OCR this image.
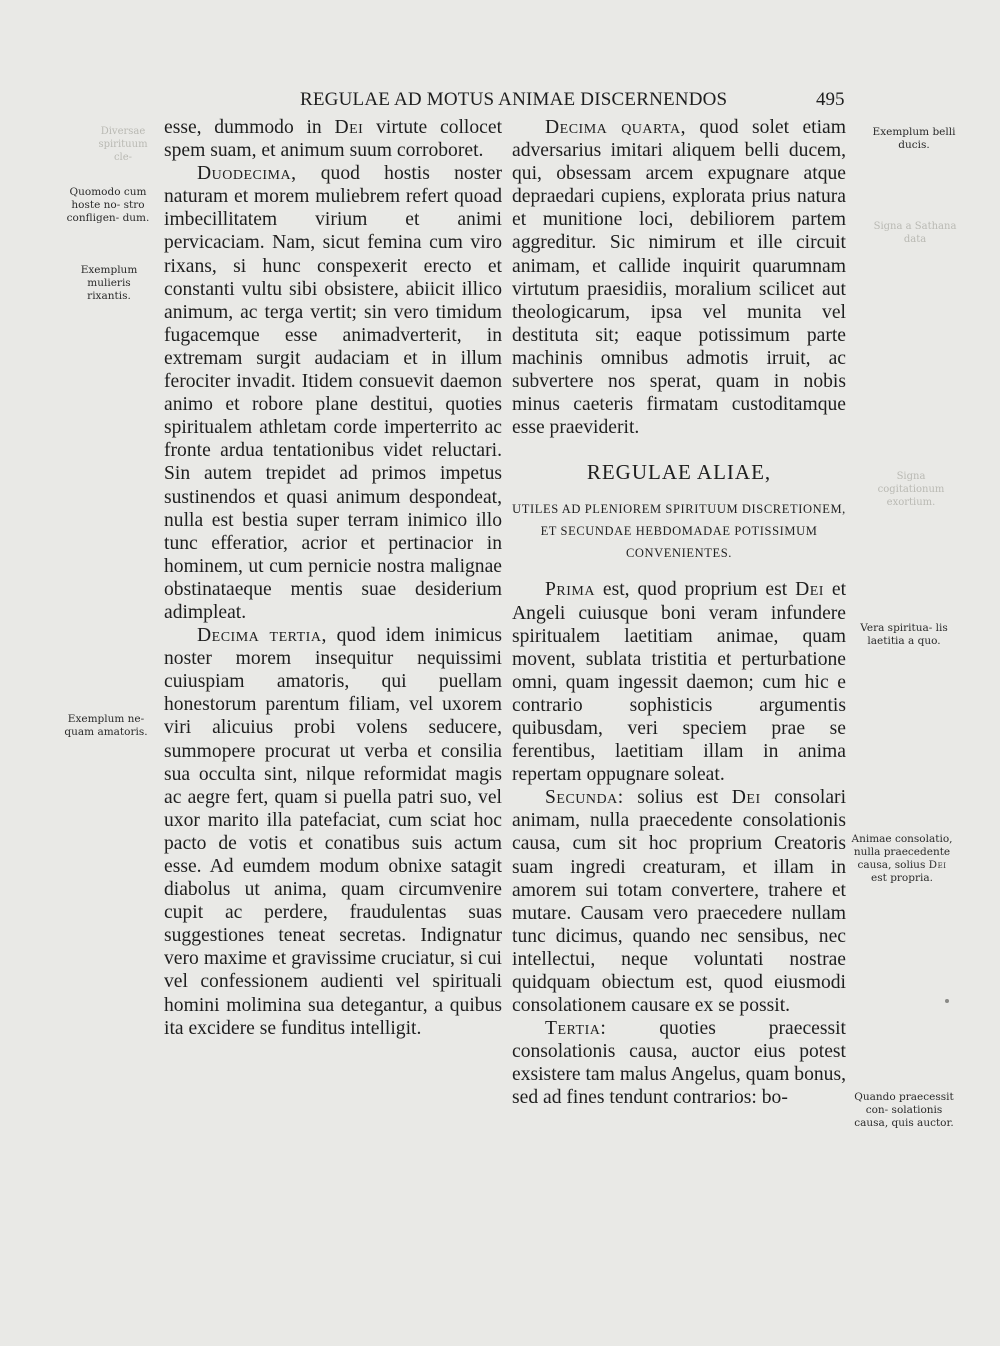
REGULAE AD MOTUS ANIMAE DISCERNENDOS	495
Diversae spirituum cle-
Signa a Sathana data
Signa cogitationum exortium.
Quomodo cum hoste no- stro confligen- dum.
Exemplum mulieris rixantis.
Exemplum ne- quam amatoris.
Exemplum belli ducis.
Vera spiritua- lis laetitia a quo.
Animae consolatio, nulla praecedente causa, solius Dei est propria.
Quando praecessit con- solationis causa, quis auctor.

esse, dummodo in Dei virtute collocet spem suam, et animum suum corroboret.

Duodecima, quod hostis noster naturam et morem muliebrem refert quoad imbecillitatem virium et animi pervicaciam. Nam, sicut femina cum viro rixans, si hunc conspexerit erecto et constanti vultu sibi obsistere, abiicit illico animum, ac terga vertit; sin vero timidum fugacemque esse animadverterit, in extremam surgit audaciam et in illum ferociter invadit. Itidem consuevit daemon animo et robore plane destitui, quoties spiritualem athletam corde imperterrito ac fronte ardua tentationibus videt reluctari. Sin autem trepidet ad primos impetus sustinendos et quasi animum despondeat, nulla est bestia super terram inimico illo tunc efferatior, acrior et pertinacior in hominem, ut cum pernicie nostra malignae obstinataeque mentis suae desiderium adimpleat.

Decima tertia, quod idem inimicus noster morem insequitur nequissimi cuiuspiam amatoris, qui puellam honestorum parentum filiam, vel uxorem viri alicuius probi volens seducere, summopere procurat ut verba et consilia sua occulta sint, nilque reformidat magis ac aegre fert, quam si puella patri suo, vel uxor marito illa patefaciat, cum sciat hoc pacto de votis et conatibus suis actum esse. Ad eumdem modum obnixe satagit diabolus ut anima, quam circumvenire cupit ac perdere, fraudulentas suas suggestiones teneat secretas. Indignatur vero maxime et gravissime cruciatur, si cui vel confessionem audienti vel spirituali homini molimina sua detegantur, a quibus ita excidere se funditus intelligit.

Decima quarta, quod solet etiam adversarius imitari aliquem belli ducem, qui, obsessam arcem expugnare atque depraedari cupiens, explorata prius natura et munitione loci, debiliorem partem aggreditur. Sic nimirum et ille circuit animam, et callide inquirit quarumnam virtutum praesidiis, moralium scilicet aut theologicarum, ipsa vel munita vel destituta sit; eaque potissimum parte machinis omnibus admotis irruit, ac subvertere nos sperat, quam in nobis minus caeteris firmatam custoditamque esse praeviderit.

REGULAE ALIAE,
UTILES AD PLENIOREM SPIRITUUM DISCRETIONEM, ET SECUNDAE HEBDOMADAE POTISSIMUM CONVENIENTES.

Prima est, quod proprium est Dei et Angeli cuiusque boni veram infundere spiritualem laetitiam animae, quam movent, sublata tristitia et perturbatione omni, quam ingessit daemon; cum hic e contrario sophisticis argumentis quibusdam, veri speciem prae se ferentibus, laetitiam illam in anima repertam oppugnare soleat.

Secunda: solius est Dei consolari animam, nulla praecedente consolationis causa, cum sit hoc proprium Creatoris suam ingredi creaturam, et illam in amorem sui totam convertere, trahere et mutare. Causam vero praecedere nullam tunc dicimus, quando nec sensibus, nec intellectui, neque voluntati nostrae quidquam obiectum est, quod eiusmodi consolationem causare ex se possit.

Tertia:	quoties praecessit consolationis causa, auctor eius potest exsistere tam malus Angelus, quam bonus, sed ad fines tendunt contrarios: bo-
